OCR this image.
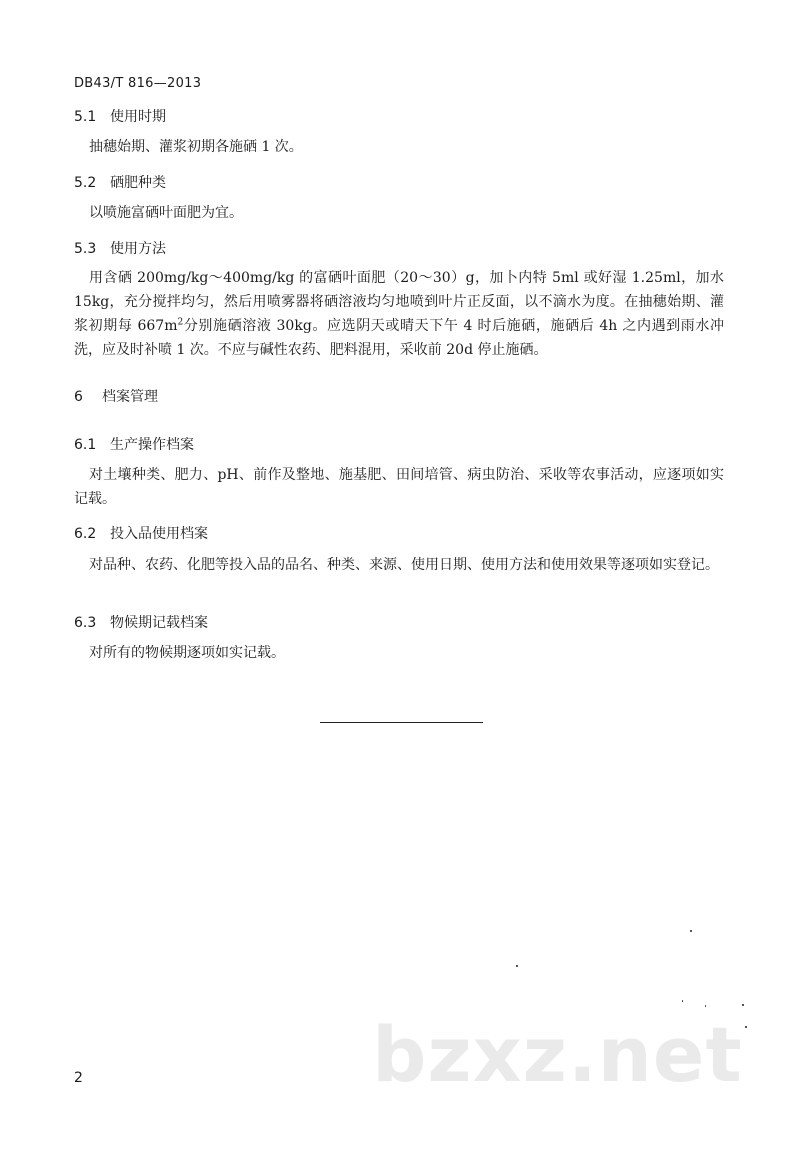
DB43/T 816—2013
5.1 使用时期
抽穗始期、灌浆初期各施硒 1 次。
5.2 硒肥种类
以喷施富硒叶面肥为宜。
5.3 使用方法
用含硒 200mg/kg～400mg/kg 的富硒叶面肥（20～30）g，加卜内特 5ml 或好湿 1.25ml，加水 15kg，充分搅拌均匀，然后用喷雾器将硒溶液均匀地喷到叶片正反面，以不滴水为度。在抽穗始期、灌浆初期每 $667m^2$分别施硒溶液 30kg。应选阴天或晴天下午 4 时后施硒，施硒后 4h 之内遇到雨水冲洗，应及时补喷 1 次。不应与碱性农药、肥料混用，采收前 20d 停止施硒。
6 档案管理
6.1 生产操作档案
对土壤种类、肥力、pH、前作及整地、施基肥、田间培管、病虫防治、采收等农事活动，应逐项如实记载。
6.2 投入品使用档案
对品种、农药、化肥等投入品的品名、种类、来源、使用日期、使用方法和使用效果等逐项如实登记。
6.3 物候期记载档案
对所有的物候期逐项如实记载。
bzxz.net
2
